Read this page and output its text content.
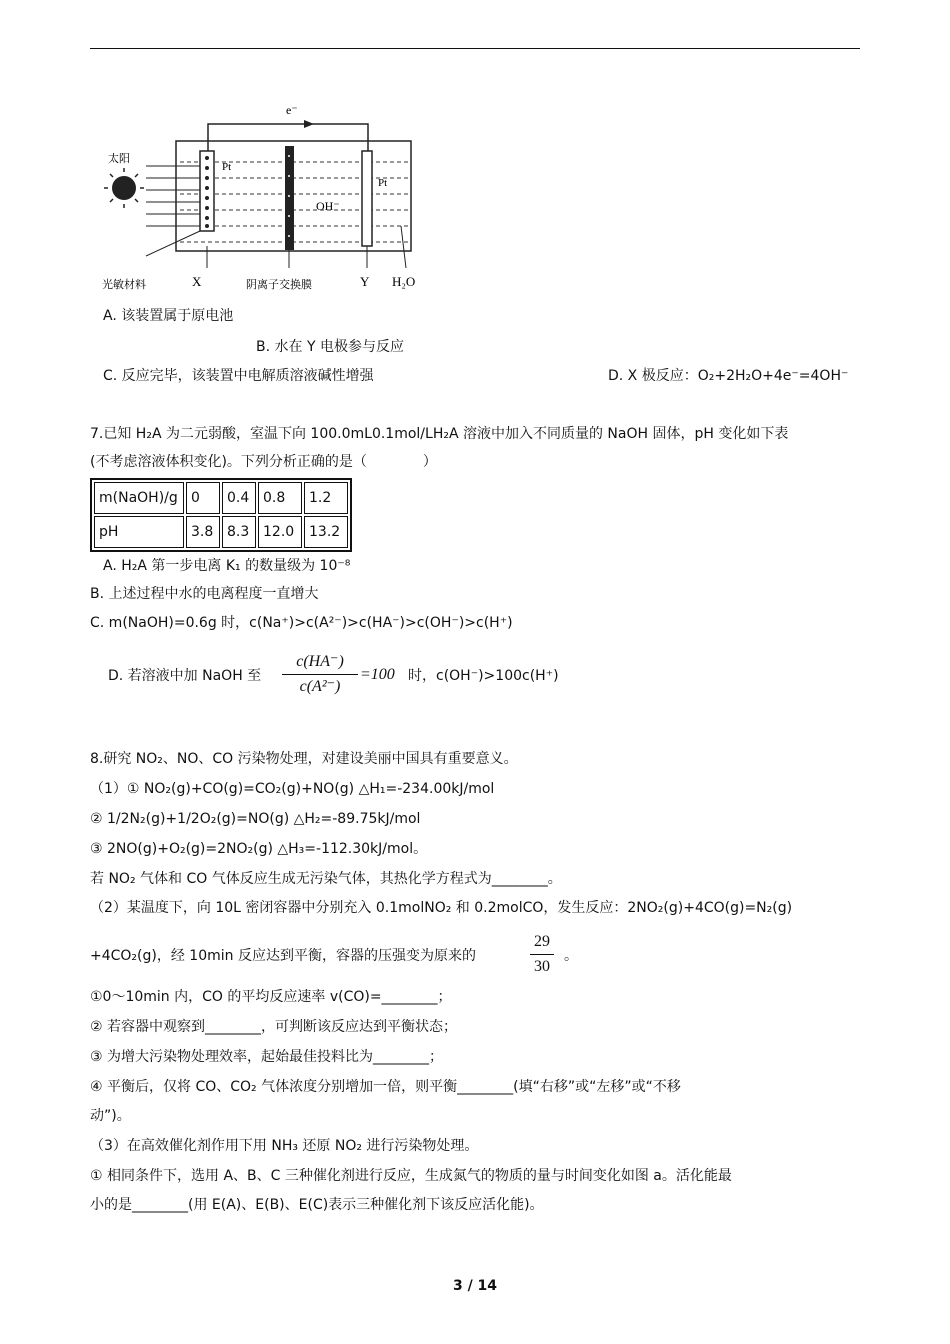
e⁻
太阳
Pt
OH⁻
Pt
光敏材料	X	阴离子交换膜	Y H₂O
A. 该装置属于原电池
B. 水在 Y 电极参与反应
C. 反应完毕，该装置中电解质溶液碱性增强	D. X 极反应：O₂+2H₂O+4e⁻=4OH⁻
7.已知 H₂A 为二元弱酸，室温下向 100.0mL0.1mol/LH₂A 溶液中加入不同质量的 NaOH 固体，pH 变化如下表
(不考虑溶液体积变化)。下列分析正确的是（　　　　）
m(NaOH)/g	0	0.4	0.8	1.2
pH	3.8	8.3	12.0	13.2
A. H₂A 第一步电离 K₁ 的数量级为 10⁻⁸
B. 上述过程中水的电离程度一直增大
C. m(NaOH)=0.6g 时，c(Na⁺)>c(A²⁻)>c(HA⁻)>c(OH⁻)>c(H⁺)
D. 若溶液中加 NaOH 至
c(HA⁻)
c(A²⁻)
=100 时，c(OH⁻)>100c(H⁺)
8.研究 NO₂、NO、CO 污染物处理，对建设美丽中国具有重要意义。
（1）① NO₂(g)+CO(g)=CO₂(g)+NO(g) △H₁=-234.00kJ/mol
② 1/2N₂(g)+1/2O₂(g)=NO(g) △H₂=-89.75kJ/mol
③ 2NO(g)+O₂(g)=2NO₂(g) △H₃=-112.30kJ/mol。
若 NO₂ 气体和 CO 气体反应生成无污染气体，其热化学方程式为________。
（2）某温度下，向 10L 密闭容器中分别充入 0.1molNO₂ 和 0.2molCO，发生反应：2NO₂(g)+4CO(g)=N₂(g)
+4CO₂(g)，经 10min 反应达到平衡，容器的压强变为原来的
29
30
。
①0～10min 内，CO 的平均反应速率 v(CO)=________；
② 若容器中观察到________，可判断该反应达到平衡状态；
③ 为增大污染物处理效率，起始最佳投料比为________；
④ 平衡后，仅将 CO、CO₂ 气体浓度分别增加一倍，则平衡________(填“右移”或“左移”或“不移
动”)。
（3）在高效催化剂作用下用 NH₃ 还原 NO₂ 进行污染物处理。
① 相同条件下，选用 A、B、C 三种催化剂进行反应，生成氮气的物质的量与时间变化如图 a。活化能最
小的是________(用 E(A)、E(B)、E(C)表示三种催化剂下该反应活化能)。
3 / 14
